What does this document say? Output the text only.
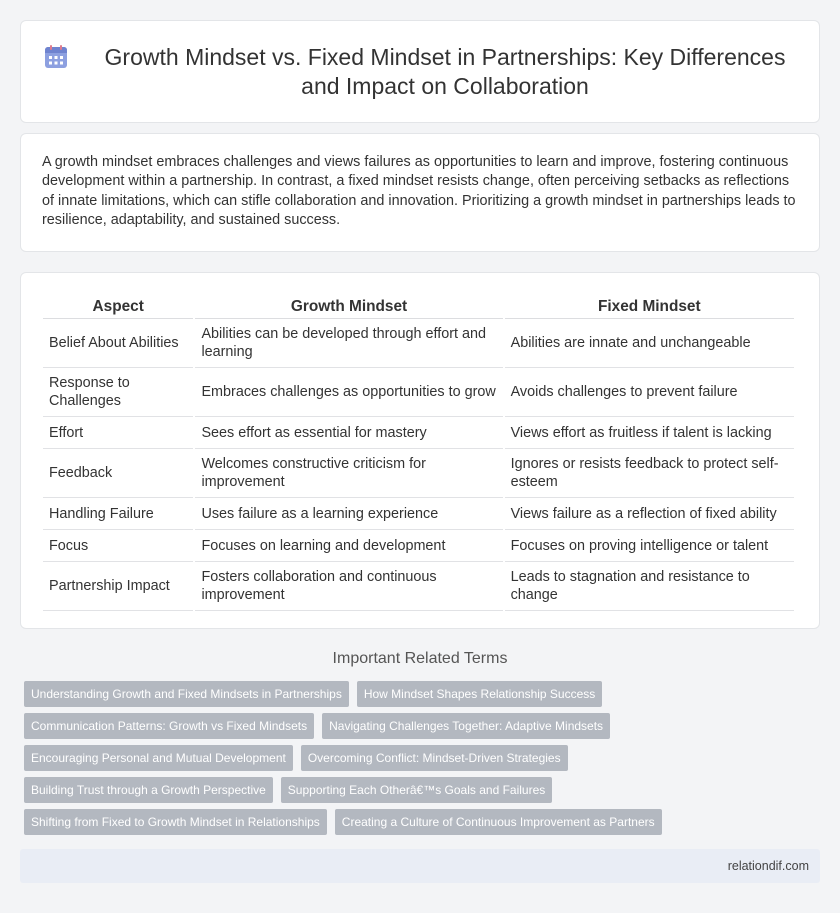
Growth Mindset vs. Fixed Mindset in Partnerships: Key Differences and Impact on Collaboration

A growth mindset embraces challenges and views failures as opportunities to learn and improve, fostering continuous development within a partnership. In contrast, a fixed mindset resists change, often perceiving setbacks as reflections of innate limitations, which can stifle collaboration and innovation. Prioritizing a growth mindset in partnerships leads to resilience, adaptability, and sustained success.

Aspect	Growth Mindset	Fixed Mindset
Belief About Abilities	Abilities can be developed through effort and learning	Abilities are innate and unchangeable
Response to Challenges	Embraces challenges as opportunities to grow	Avoids challenges to prevent failure
Effort	Sees effort as essential for mastery	Views effort as fruitless if talent is lacking
Feedback	Welcomes constructive criticism for improvement	Ignores or resists feedback to protect self-esteem
Handling Failure	Uses failure as a learning experience	Views failure as a reflection of fixed ability
Focus	Focuses on learning and development	Focuses on proving intelligence or talent
Partnership Impact	Fosters collaboration and continuous improvement	Leads to stagnation and resistance to change
Important Related Terms
Understanding Growth and Fixed Mindsets in Partnerships	How Mindset Shapes Relationship Success
Communication Patterns: Growth vs Fixed Mindsets	Navigating Challenges Together: Adaptive Mindsets
Encouraging Personal and Mutual Development	Overcoming Conflict: Mindset-Driven Strategies
Building Trust through a Growth Perspective	Supporting Each Otherâ€™s Goals and Failures
Shifting from Fixed to Growth Mindset in Relationships	Creating a Culture of Continuous Improvement as Partners
relationdif.com
